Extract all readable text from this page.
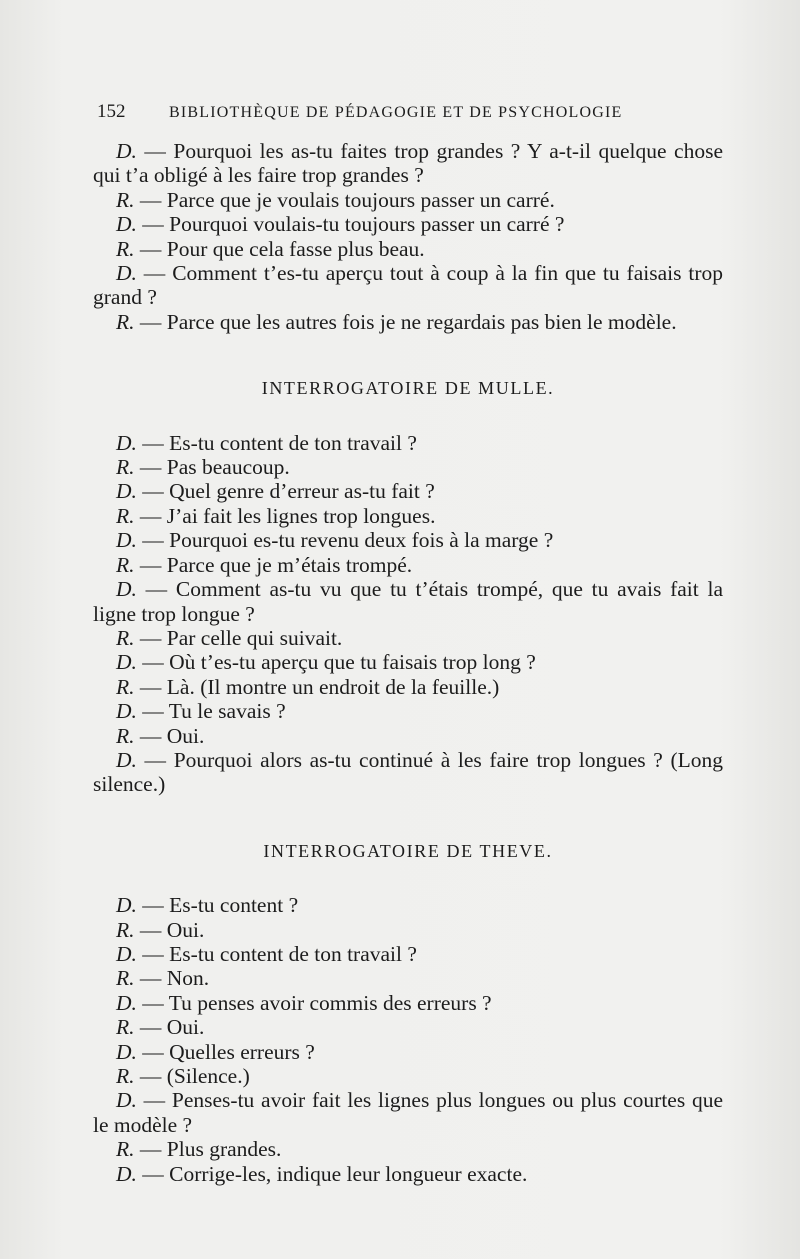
152	BIBLIOTHÈQUE DE PÉDAGOGIE ET DE PSYCHOLOGIE

D. — Pourquoi les as-tu faites trop grandes ? Y a-t-il quelque chose qui t’a obligé à les faire trop grandes ?

R. — Parce que je voulais toujours passer un carré.

D. — Pourquoi voulais-tu toujours passer un carré ?

R. — Pour que cela fasse plus beau.

D. — Comment t’es-tu aperçu tout à coup à la fin que tu faisais trop grand ?

R. — Parce que les autres fois je ne regardais pas bien le modèle.

INTERROGATOIRE DE MULLE.

D. — Es-tu content de ton travail ?

R. — Pas beaucoup.

D. — Quel genre d’erreur as-tu fait ?

R. — J’ai fait les lignes trop longues.

D. — Pourquoi es-tu revenu deux fois à la marge ?

R. — Parce que je m’étais trompé.

D. — Comment as-tu vu que tu t’étais trompé, que tu avais fait la ligne trop longue ?

R. — Par celle qui suivait.

D. — Où t’es-tu aperçu que tu faisais trop long ?

R. — Là. (Il montre un endroit de la feuille.)

D. — Tu le savais ?

R. — Oui.

D. — Pourquoi alors as-tu continué à les faire trop longues ? (Long silence.)

INTERROGATOIRE DE THEVE.

D. — Es-tu content ?

R. — Oui.

D. — Es-tu content de ton travail ?

R. — Non.

D. — Tu penses avoir commis des erreurs ?

R. — Oui.

D. — Quelles erreurs ?

R. — (Silence.)

D. — Penses-tu avoir fait les lignes plus longues ou plus courtes que le modèle ?

R. — Plus grandes.

D. — Corrige-les, indique leur longueur exacte.
